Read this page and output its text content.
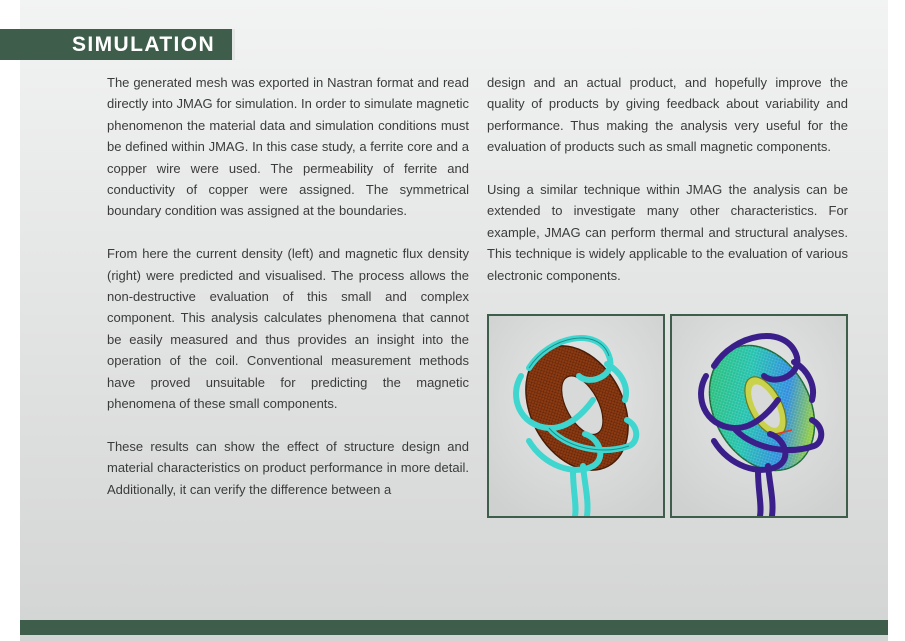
SIMULATION

The generated mesh was exported in Nastran format and read directly into JMAG for simulation. In order to simulate magnetic phenomenon the material data and simulation conditions must be defined within JMAG. In this case study, a ferrite core and a copper wire were used. The permeability of ferrite and conductivity of copper were assigned. The symmetrical boundary condition was assigned at the boundaries.

From here the current density (left) and magnetic flux density (right) were predicted and visualised. The process allows the non-destructive evaluation of this small and complex component. This analysis calculates phenomena that cannot be easily measured and thus provides an insight into the operation of the coil. Conventional measurement methods have proved unsuitable for predicting the magnetic phenomena of these small components.

These results can show the effect of structure design and material characteristics on product performance in more detail. Additionally, it can verify the difference between a

design and an actual product, and hopefully improve the quality of products by giving feedback about variability and performance. Thus making the analysis very useful for the evaluation of products such as small magnetic components.

Using a similar technique within JMAG the analysis can be extended to investigate many other characteristics. For example, JMAG can perform thermal and structural analyses. This technique is widely applicable to the evaluation of various electronic components.
